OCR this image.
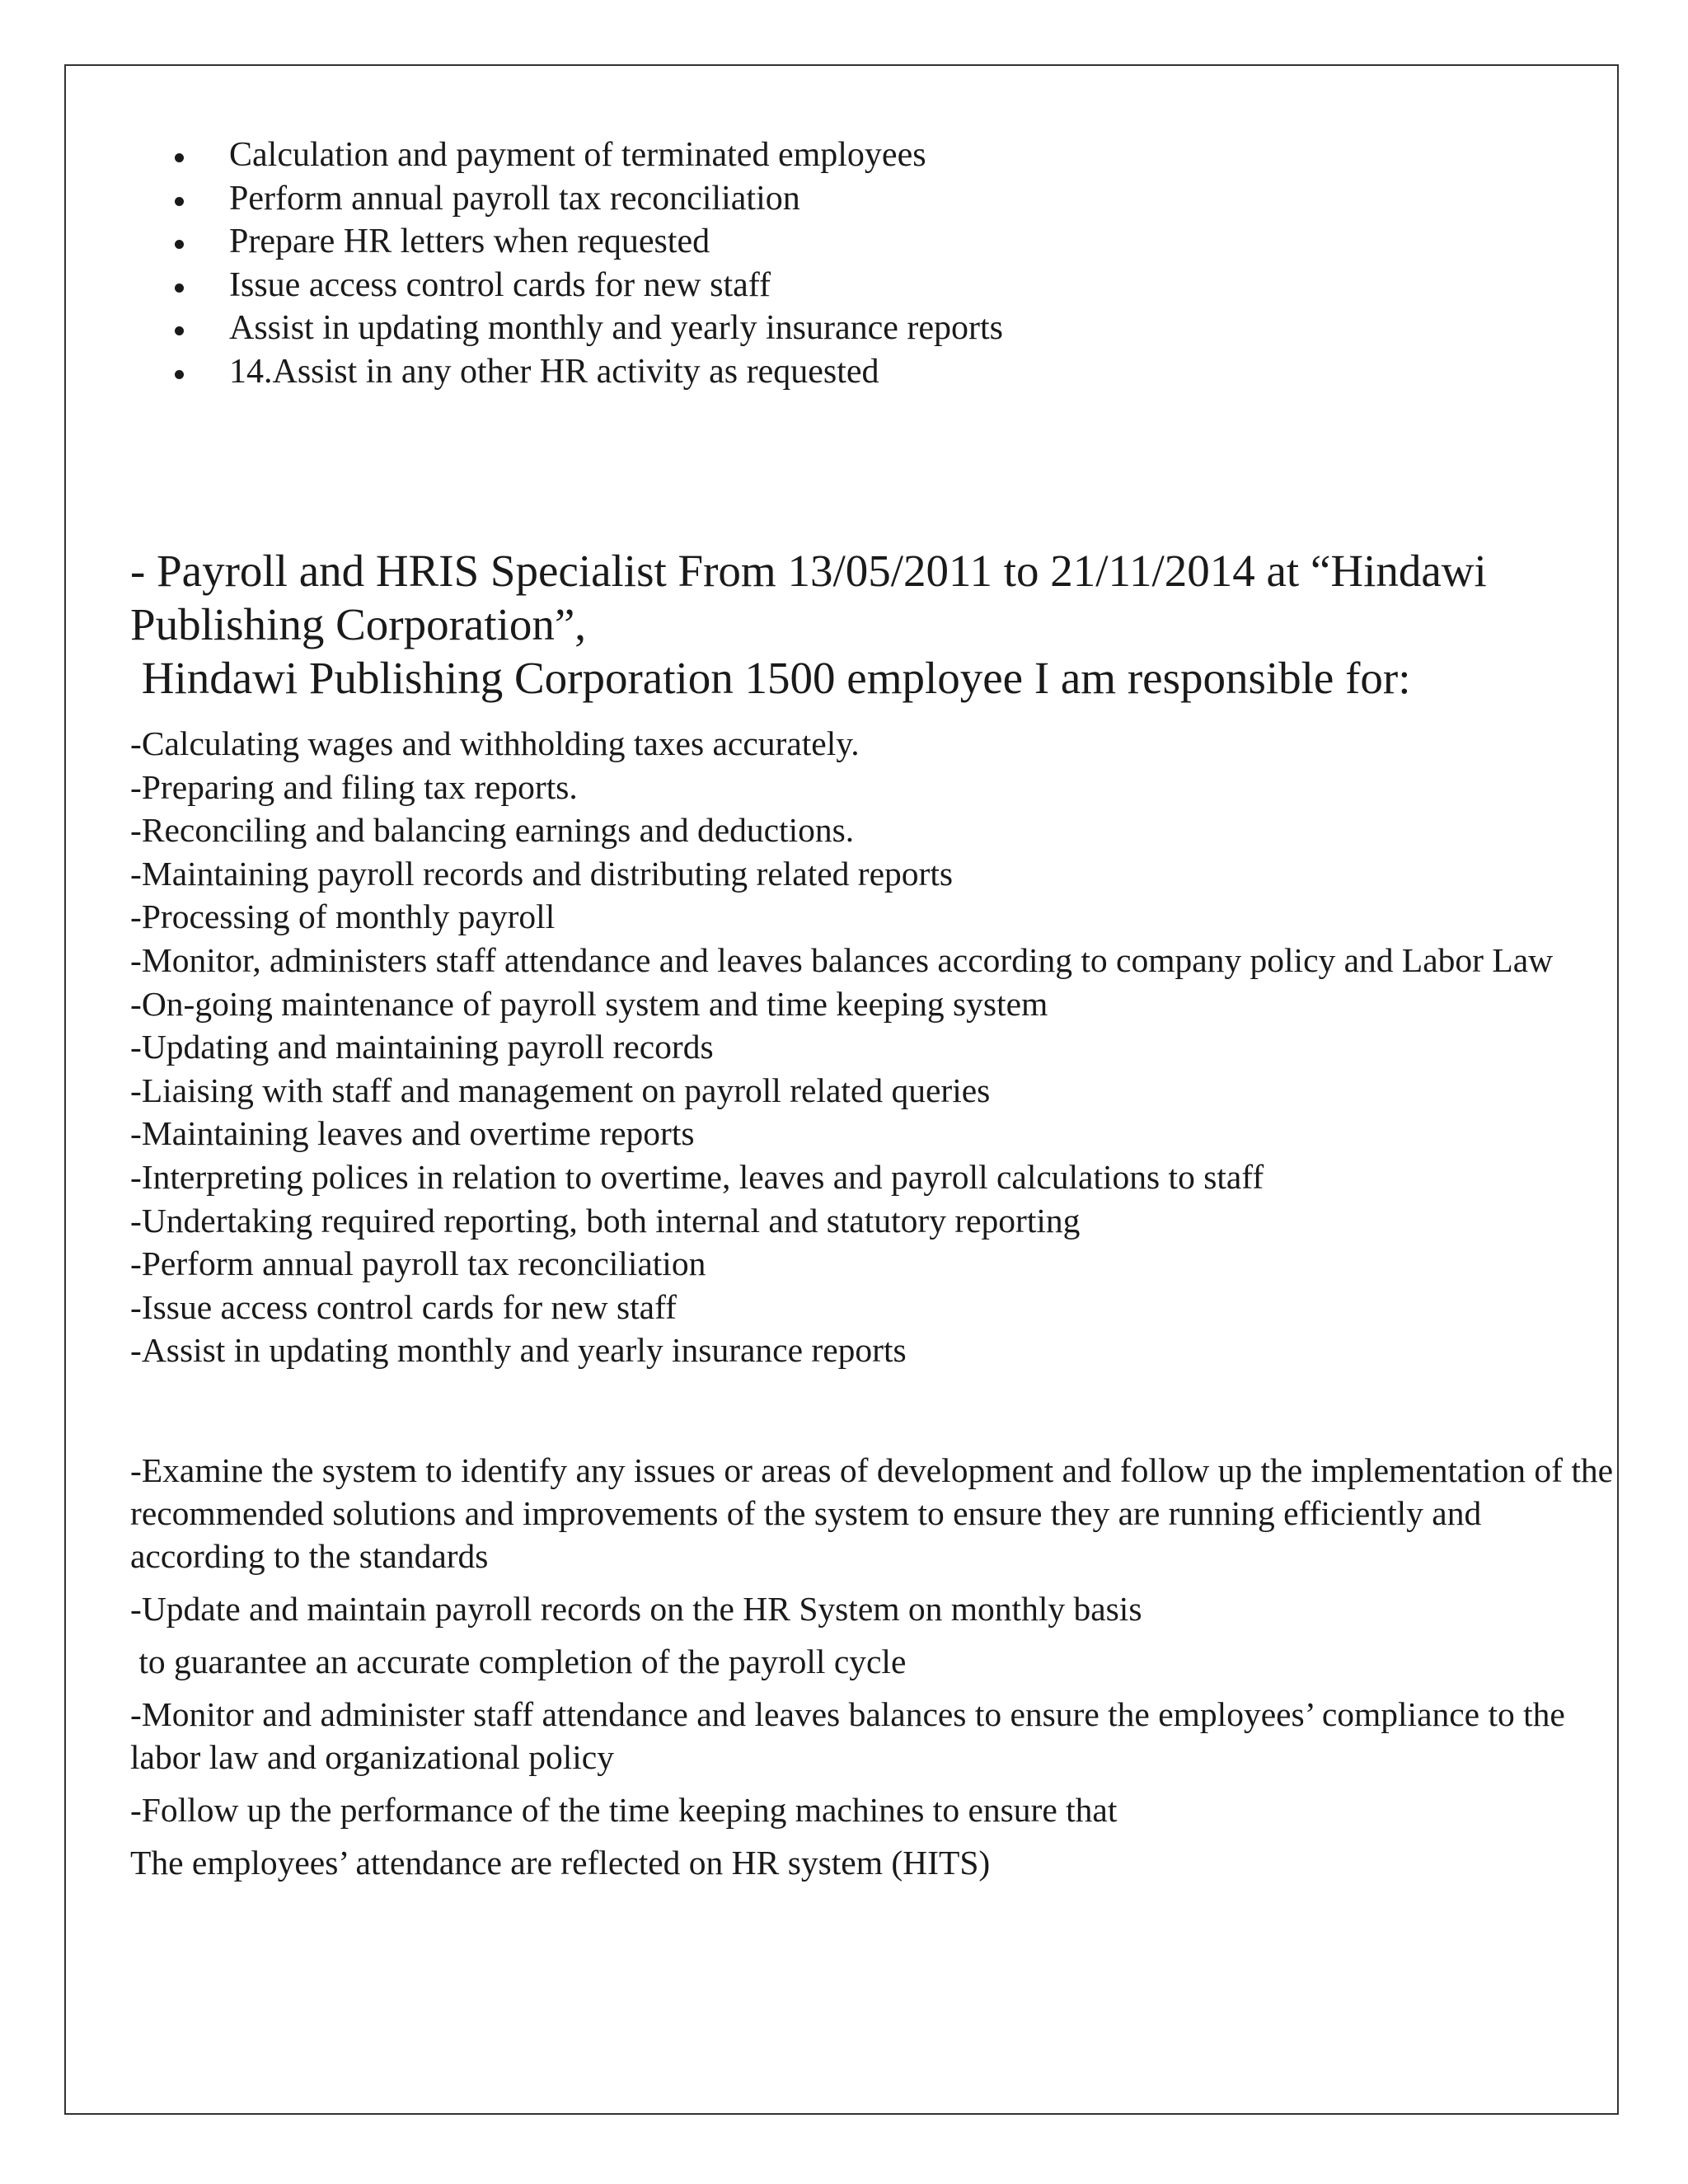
Calculation and payment of terminated employees
Perform annual payroll tax reconciliation
Prepare HR letters when requested
Issue access control cards for new staff
Assist in updating monthly and yearly insurance reports
14.Assist in any other HR activity as requested

- Payroll and HRIS Specialist From 13/05/2011 to 21/11/2014 at “Hindawi

Publishing Corporation”,

Hindawi Publishing Corporation 1500 employee I am responsible for:

-Calculating wages and withholding taxes accurately.

-Preparing and filing tax reports.

-Reconciling and balancing earnings and deductions.

-Maintaining payroll records and distributing related reports

-Processing of monthly payroll

-Monitor, administers staff attendance and leaves balances according to company policy and Labor Law

-On-going maintenance of payroll system and time keeping system

-Updating and maintaining payroll records

-Liaising with staff and management on payroll related queries

-Maintaining leaves and overtime reports

-Interpreting polices in relation to overtime, leaves and payroll calculations to staff

-Undertaking required reporting, both internal and statutory reporting

-Perform annual payroll tax reconciliation

-Issue access control cards for new staff

-Assist in updating monthly and yearly insurance reports

-Examine the system to identify any issues or areas of development and follow up the implementation of the recommended solutions and improvements of the system to ensure they are running efficiently and according to the standards

-Update and maintain payroll records on the HR System on monthly basis

to guarantee an accurate completion of the payroll cycle

-Monitor and administer staff attendance and leaves balances to ensure the employees’ compliance to the labor law and organizational policy

-Follow up the performance of the time keeping machines to ensure that

The employees’ attendance are reflected on HR system (HITS)
